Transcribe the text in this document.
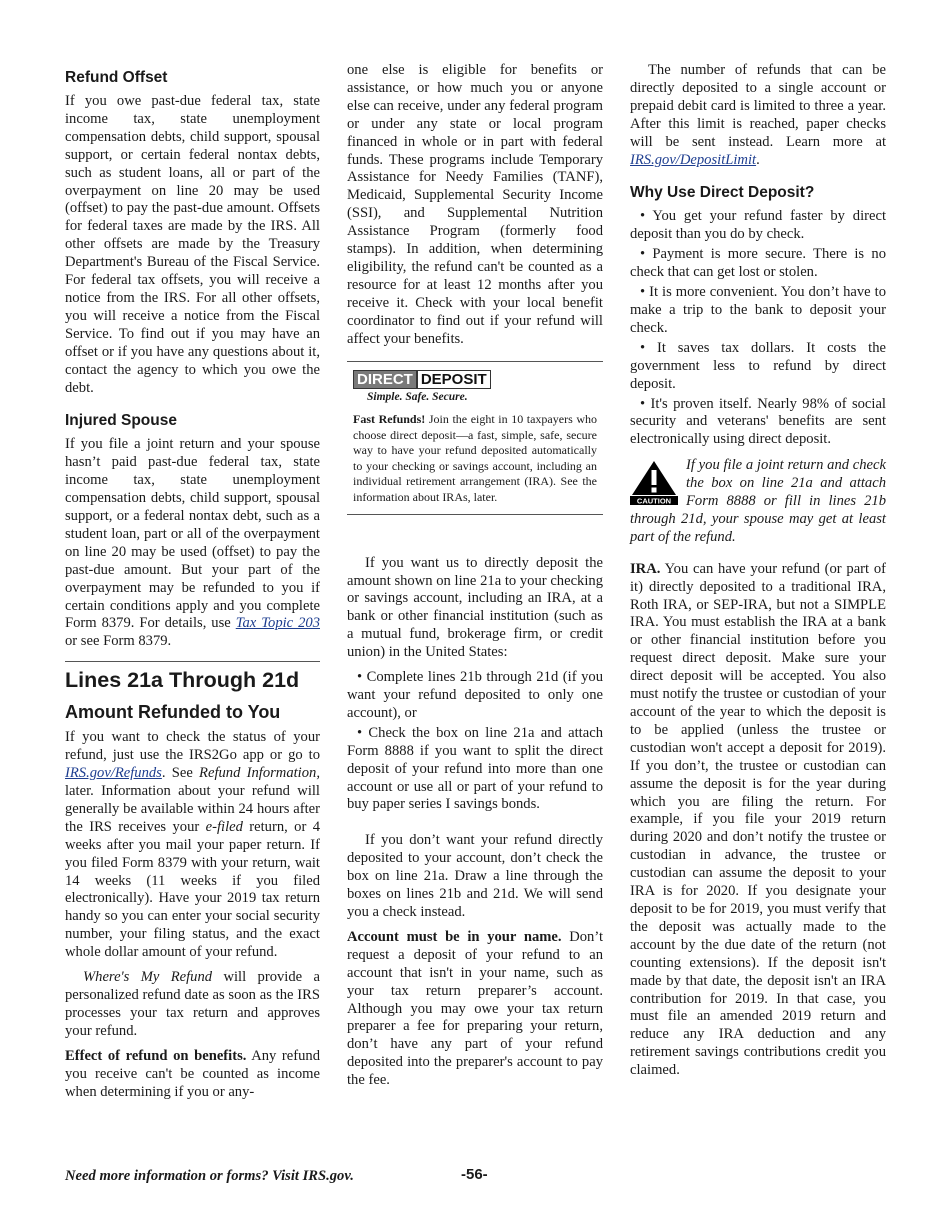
Refund Offset

If you owe past-due federal tax, state income tax, state unemployment compensation debts, child support, spousal support, or certain federal nontax debts, such as student loans, all or part of the overpayment on line 20 may be used (offset) to pay the past-due amount. Offsets for federal taxes are made by the IRS. All other offsets are made by the Treasury Department's Bureau of the Fiscal Service. For federal tax offsets, you will receive a notice from the IRS. For all other offsets, you will receive a notice from the Fiscal Service. To find out if you may have an offset or if you have any questions about it, contact the agency to which you owe the debt.

Injured Spouse

If you file a joint return and your spouse hasn’t paid past-due federal tax, state income tax, state unemployment compensation debts, child support, spousal support, or a federal nontax debt, such as a student loan, part or all of the overpayment on line 20 may be used (offset) to pay the past-due amount. But your part of the overpayment may be refunded to you if certain conditions apply and you complete Form 8379. For details, use Tax Topic 203 or see Form 8379.

Lines 21a Through 21d
Amount Refunded to You

If you want to check the status of your refund, just use the IRS2Go app or go to IRS.gov/Refunds. See Refund Information, later. Information about your refund will generally be available within 24 hours after the IRS receives your e-filed return, or 4 weeks after you mail your paper return. If you filed Form 8379 with your return, wait 14 weeks (11 weeks if you filed electronically). Have your 2019 tax return handy so you can enter your social security number, your filing status, and the exact whole dollar amount of your refund.

Where's My Refund will provide a personalized refund date as soon as the IRS processes your tax return and approves your refund.

Effect of refund on benefits. Any refund you receive can't be counted as income when determining if you or any-

one else is eligible for benefits or assistance, or how much you or anyone else can receive, under any federal program or under any state or local program financed in whole or in part with federal funds. These programs include Temporary Assistance for Needy Families (TANF), Medicaid, Supplemental Security Income (SSI), and Supplemental Nutrition Assistance Program (formerly food stamps). In addition, when determining eligibility, the refund can't be counted as a resource for at least 12 months after you receive it. Check with your local benefit coordinator to find out if your refund will affect your benefits.

DIRECT DEPOSIT
Simple. Safe. Secure.
Fast Refunds! Join the eight in 10 taxpayers who choose direct deposit—a fast, simple, safe, secure way to have your refund deposited automatically to your checking or savings account, including an individual retirement arrangement (IRA). See the information about IRAs, later.

If you want us to directly deposit the amount shown on line 21a to your checking or savings account, including an IRA, at a bank or other financial institution (such as a mutual fund, brokerage firm, or credit union) in the United States:

• Complete lines 21b through 21d (if you want your refund deposited to only one account), or

• Check the box on line 21a and attach Form 8888 if you want to split the direct deposit of your refund into more than one account or use all or part of your refund to buy paper series I savings bonds.

If you don’t want your refund directly deposited to your account, don’t check the box on line 21a. Draw a line through the boxes on lines 21b and 21d. We will send you a check instead.

Account must be in your name. Don’t request a deposit of your refund to an account that isn't in your name, such as your tax return preparer’s account. Although you may owe your tax return preparer a fee for preparing your return, don’t have any part of your refund deposited into the preparer's account to pay the fee.

The number of refunds that can be directly deposited to a single account or prepaid debit card is limited to three a year. After this limit is reached, paper checks will be sent instead. Learn more at IRS.gov/DepositLimit.

Why Use Direct Deposit?

• You get your refund faster by direct deposit than you do by check.

• Payment is more secure. There is no check that can get lost or stolen.

• It is more convenient. You don’t have to make a trip to the bank to deposit your check.

• It saves tax dollars. It costs the government less to refund by direct deposit.

• It's proven itself. Nearly 98% of social security and veterans' benefits are sent electronically using direct deposit.

CAUTION

If you file a joint return and check the box on line 21a and attach Form 8888 or fill in lines 21b through 21d, your spouse may get at least part of the refund.

IRA. You can have your refund (or part of it) directly deposited to a traditional IRA, Roth IRA, or SEP-IRA, but not a SIMPLE IRA. You must establish the IRA at a bank or other financial institution before you request direct deposit. Make sure your direct deposit will be accepted. You also must notify the trustee or custodian of your account of the year to which the deposit is to be applied (unless the trustee or custodian won't accept a deposit for 2019). If you don’t, the trustee or custodian can assume the deposit is for the year during which you are filing the return. For example, if you file your 2019 return during 2020 and don’t notify the trustee or custodian in advance, the trustee or custodian can assume the deposit to your IRA is for 2020. If you designate your deposit to be for 2019, you must verify that the deposit was actually made to the account by the due date of the return (not counting extensions). If the deposit isn't made by that date, the deposit isn't an IRA contribution for 2019. In that case, you must file an amended 2019 return and reduce any IRA deduction and any retirement savings contributions credit you claimed.

Need more information or forms? Visit IRS.gov.	-56-
